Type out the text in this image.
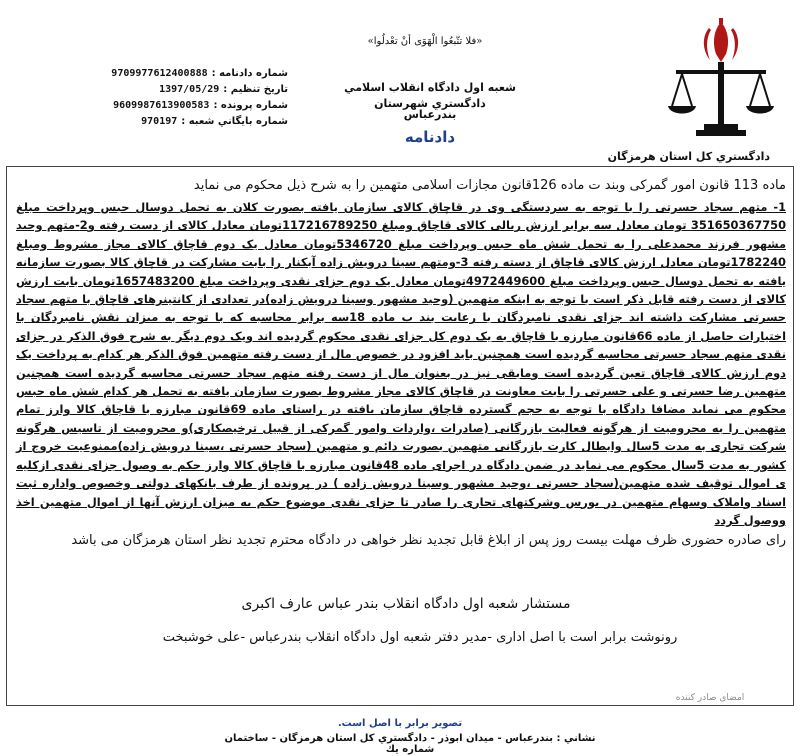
دادگستري كل استان هرمزگان
«فلا تتّبعُوا الْهَوَى أنْ تعْدلُوا»
شعبه اول دادگاه انقلاب اسلامي دادگستري شهرستان
بندرعباس
دادنامه
شماره دادنامه :
9709977612400888
تاريخ تنظيم :
1397/05/29
شماره پرونده :
9609987613900583
شماره بايگاني شعبه :
970197

ماده 113 قانون امور گمرکی وبند ت ماده 126قانون مجازات اسلامی متهمین را به شرح ذیل محکوم می نماید

1- متهم سجاد حسرتی را با توجه به سردستگی وی در قاچاق کالای سازمان یافته بصورت کلان به تحمل دوسال حبس وپرداخت مبلغ 351650367750 تومان معادل سه برابر ارزش ریالی کالای قاچاق ومبلغ 117216789250تومان معادل کالای از دست رفته و2-متهم وحید مشهور فرزند محمدعلی را به تحمل شش ماه حبس وپرداخت مبلغ 5346720تومان معادل یک دوم قاچاق کالای مجاز مشروط ومبلغ 1782240تومان معادل ارزش کالای قاچاق از دسته رفته 3-ومتهم سینا درویش زاده آبکنار را بابت مشارکت در قاچاق کالا بصورت سازمانه یافته به تحمل دوسال حبس وپرداخت مبلغ 4972449600تومان معادل یک دوم جزای نقدی وپرداخت مبلغ 1657483200تومان بابت ارزش کالای از دست رفته قابل ذکر است با توجه به اینکه متهمین (وحید مشهور وسینا درویش زاده)در تعدادی از کانتینرهای قاچاق با متهم سجاد حسرتی مشارکت داشته اند جزای نقدی نامبردگان با رعایت بند ب ماده 18سه برابر محاسبه که با توجه به میزان نقش نامبردگان با اختیارات حاصل از ماده 66قانون مبارزه با قاچاق به یک دوم کل جزای نقدی محکوم گردیده اند ویک دوم دیگر به شرح فوق الذکر در جزای نقدی متهم سجاد حسرتی محاسبه گردیده است همچنین باید افزود در خصوص مال از دست رفته متهمین فوق الذکر هر کدام به پرداخت یک دوم ارزش کالای قاچاق تعین گردیده است ومابقی نیز در بعنوان مال از دست رفته متهم سجاد حسرتی محاسبه گردیده است همچنین متهمین رضا حسرتی و علی حسرتی را بابت معاونت در قاچاق کالای مجاز مشروط بصورت سازمان یافته به تحمل هر کدام شش ماه حبس محکوم می نماید مضافا دادگاه با توجه به حجم گسترده قاچاق سازمان یافته در راستای ماده 69قانون مبارزه با قاچاق کالا وارز تمام متهمین را به محرومیت از هرگونه فعالیت بازرگانی (صادرات ،واردات وامور گمرکی از قبیل ترخیصکاری)و محرومیت از تاسیس هرگونه شرکت تجاری به مدت 5سال وابطال کارت بازرگانی متهمین بصورت دائم و متهمین (سجاد حسرتی ،سینا درویش زاده)ممنوعیت خروج از کشور به مدت 5سال محکوم می نماید در ضمن دادگاه در اجرای ماده 48قانون مبارزه با قاچاق کالا وارز حکم به وصول جزای نقدی ازکلیه ی اموال توقیف شده متهمین(سجاد حسرتی ،وحید مشهور وسینا درویش زاده ) در پرونده از طرف بانکهای دولتی وخصوص واداره ثبت اسناد واملاک وسهام متهمین در بورس وشرکتهای تجاری را صادر تا جزای نقدی موضوع حکم به میزان ارزش آنها از اموال متهمین اخذ ووصول گردد

رای صادره حضوری ظرف مهلت بیست روز پس از ابلاغ قابل تجدید نظر خواهی در دادگاه محترم تجدید نظر استان هرمزگان می باشد

مستشار شعبه اول دادگاه انقلاب بندر عباس عارف اکبری
رونوشت برابر است با اصل اداری -مدیر دفتر شعبه اول دادگاه انقلاب بندرعباس -علی خوشبخت
امضای صادر کننده
تصوير برابر با اصل است.
نشاني : بندرعباس - ميدان ابوذر - دادگستري كل استان هرمزگان - ساختمان شماره يك
